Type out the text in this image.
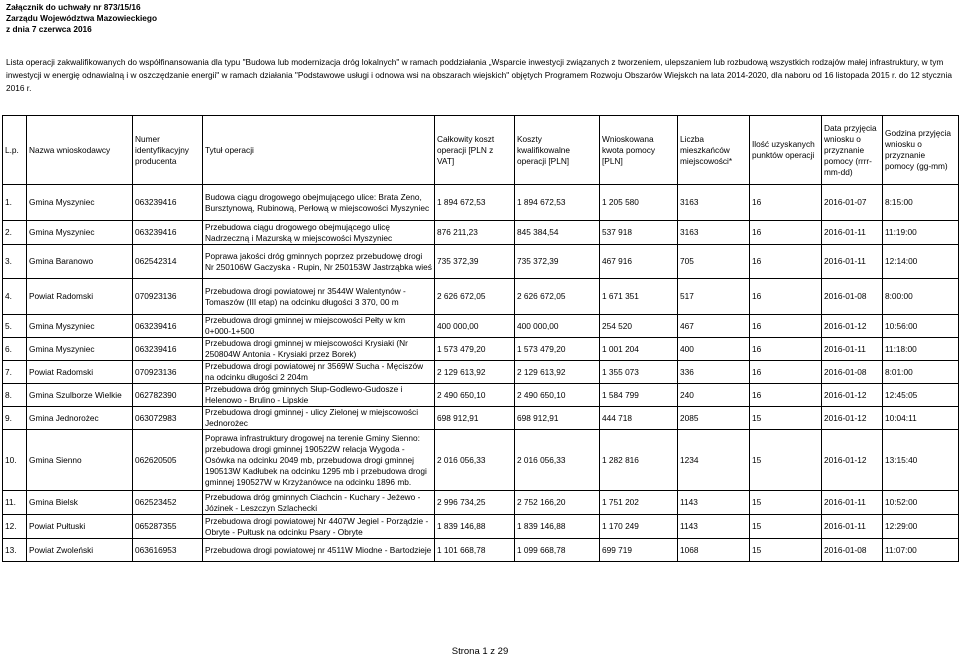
Załącznik do uchwały nr 873/15/16
Zarządu Województwa Mazowieckiego
z dnia 7 czerwca 2016
Lista operacji zakwalifikowanych do współfinansowania dla typu "Budowa lub modernizacja dróg lokalnych" w ramach poddziałania „Wsparcie inwestycji związanych z tworzeniem, ulepszaniem lub rozbudową wszystkich rodzajów małej infrastruktury, w tym inwestycji w energię odnawialną i w oszczędzanie energii" w ramach działania "Podstawowe usługi i odnowa wsi na obszarach wiejskich" objętych Programem Rozwoju Obszarów Wiejskch na lata 2014-2020, dla naboru od 16 listopada 2015 r. do 12 stycznia 2016 r.
L.p.	Nazwa wnioskodawcy	Numer identyfikacyjny producenta	Tytuł operacji	Całkowity koszt operacji [PLN z VAT]	Koszty kwalifikowalne operacji [PLN]	Wnioskowana kwota pomocy [PLN]	Liczba mieszkańców miejscowości*	Ilość uzyskanych punktów operacji	Data przyjęcia wniosku o przyznanie pomocy (rrrr-mm-dd)	Godzina przyjęcia wniosku o przyznanie pomocy (gg-mm)
1.	Gmina Myszyniec	063239416	Budowa ciągu drogowego obejmującego ulice: Brata Zeno, Bursztynową, Rubinową, Perłową w miejscowości Myszyniec	1 894 672,53	1 894 672,53	1 205 580	3163	16	2016-01-07	8:15:00
2.	Gmina Myszyniec	063239416	Przebudowa ciągu drogowego obejmującego ulicę Nadrzeczną i Mazurską w miejscowości Myszyniec	876 211,23	845 384,54	537 918	3163	16	2016-01-11	11:19:00
3.	Gmina Baranowo	062542314	Poprawa jakości dróg gminnych poprzez przebudowę drogi Nr 250106W Gaczyska - Rupin, Nr 250153W Jastrząbka wieś	735 372,39	735 372,39	467 916	705	16	2016-01-11	12:14:00
4.	Powiat Radomski	070923136	Przebudowa drogi powiatowej nr 3544W Walentynów - Tomaszów (III etap) na odcinku długości 3 370, 00 m	2 626 672,05	2 626 672,05	1 671 351	517	16	2016-01-08	8:00:00
5.	Gmina Myszyniec	063239416	Przebudowa drogi gminnej w miejscowości Pełty w km 0+000-1+500	400 000,00	400 000,00	254 520	467	16	2016-01-12	10:56:00
6.	Gmina Myszyniec	063239416	Przebudowa drogi gminnej w miejscowości Krysiaki (Nr 250804W Antonia - Krysiaki przez Borek)	1 573 479,20	1 573 479,20	1 001 204	400	16	2016-01-11	11:18:00
7.	Powiat Radomski	070923136	Przebudowa drogi powiatowej nr 3569W Sucha - Męciszów na odcinku długości 2 204m	2 129 613,92	2 129 613,92	1 355 073	336	16	2016-01-08	8:01:00
8.	Gmina Szulborze Wielkie	062782390	Przebudowa dróg gminnych Słup-Godlewo-Gudosze i Helenowo - Brulino - Lipskie	2 490 650,10	2 490 650,10	1 584 799	240	16	2016-01-12	12:45:05
9.	Gmina Jednorożec	063072983	Przebudowa drogi gminnej - ulicy Zielonej w miejscowości Jednorożec	698 912,91	698 912,91	444 718	2085	15	2016-01-12	10:04:11
10.	Gmina Sienno	062620505	Poprawa infrastruktury drogowej na terenie Gminy Sienno: przebudowa drogi gminnej 190522W relacja Wygoda - Osówka na odcinku 2049 mb, przebudowa drogi gminnej 190513W Kadłubek na odcinku 1295 mb i przebudowa drogi gminnej 190527W w Krzyżanówce na odcinku 1896 mb.	2 016 056,33	2 016 056,33	1 282 816	1234	15	2016-01-12	13:15:40
11.	Gmina Bielsk	062523452	Przebudowa dróg gminnych Ciachcin - Kuchary - Jeżewo - Józinek - Leszczyn Szlachecki	2 996 734,25	2 752 166,20	1 751 202	1143	15	2016-01-11	10:52:00
12.	Powiat Pułtuski	065287355	Przebudowa drogi powiatowej Nr 4407W Jegiel - Porządzie - Obryte - Pułtusk na odcinku Psary - Obryte	1 839 146,88	1 839 146,88	1 170 249	1143	15	2016-01-11	12:29:00
13.	Powiat Zwoleński	063616953	Przebudowa drogi powiatowej nr 4511W Miodne - Bartodzieje	1 101 668,78	1 099 668,78	699 719	1068	15	2016-01-08	11:07:00
Strona 1 z 29
